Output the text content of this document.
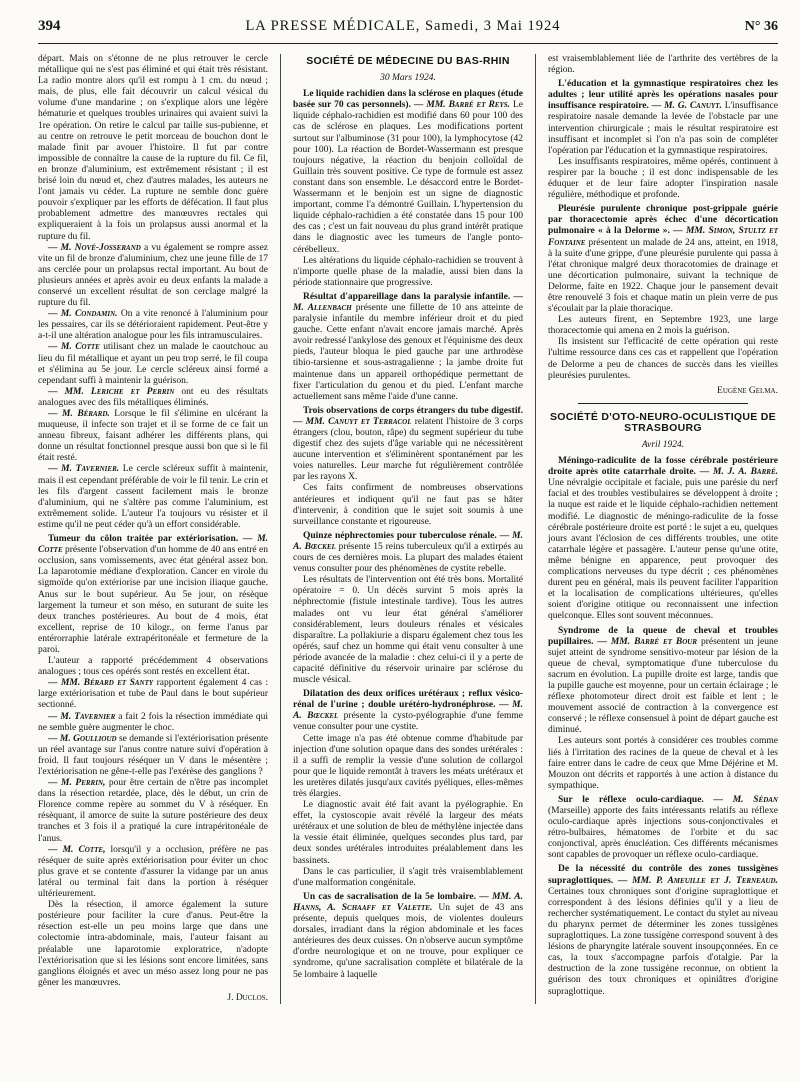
394	LA PRESSE MÉDICALE, Samedi, 3 Mai 1924	N° 36

départ. Mais on s'étonne de ne plus retrouver le cercle métallique qui ne s'est pas éliminé et qui était très résistant. La radio montre alors qu'il est rompu à 1 cm. du nœud ; mais, de plus, elle fait découvrir un calcul vésical du volume d'une mandarine ; on s'explique alors une légère hématurie et quelques troubles urinaires qui avaient suivi la 1re opération. On retire le calcul par taille sus-pubienne, et au centre on retrouve le petit morceau de bouchon dont le malade finit par avouer l'histoire. Il fut par contre impossible de connaître la cause de la rupture du fil. Ce fil, en bronze d'aluminium, est extrêmement résistant ; il est brisé loin du nœud et, chez d'autres malades, les auteurs ne l'ont jamais vu céder. La rupture ne semble donc guère pouvoir s'expliquer par les efforts de défécation. Il faut plus probablement admettre des manœuvres rectales qui expliqueraient à la fois un prolapsus aussi anormal et la rupture du fil.

— M. Nové-Josserand a vu également se rompre assez vite un fil de bronze d'aluminium, chez une jeune fille de 17 ans cerclée pour un prolapsus rectal important. Au bout de plusieurs années et après avoir eu deux enfants la malade a conservé un excellent résultat de son cerclage malgré la rupture du fil.

— M. Condamin. On a vite renoncé à l'aluminium pour les pessaires, car ils se détérioraient rapidement. Peut-être y a-t-il une altération analogue pour les fils intramusculaires.

— M. Cotte utilisant chez un malade le caoutchouc au lieu du fil métallique et ayant un peu trop serré, le fil coupa et s'élimina au 5e jour. Le cercle scléreux ainsi formé a cependant suffi à maintenir la guérison.

— MM. Leriche et Perrin ont eu des résultats analogues avec des fils métalliques éliminés.

— M. Bérard. Lorsque le fil s'élimine en ulcérant la muqueuse, il infecte son trajet et il se forme de ce fait un anneau fibreux, faisant adhérer les différents plans, qui donne un résultat fonctionnel presque aussi bon que si le fil était resté.

— M. Tavernier. Le cercle scléreux suffit à maintenir, mais il est cependant préférable de voir le fil tenir. Le crin et les fils d'argent cassent facilement mais le bronze d'aluminium, qui ne s'altère pas comme l'aluminium, est extrêmement solide. L'auteur l'a toujours vu résister et il estime qu'il ne peut céder qu'à un effort considérable.

Tumeur du côlon traitée par extériorisation. — M. Cotte présente l'observation d'un homme de 40 ans entré en occlusion, sans vomissements, avec état général assez bon. La laparotomie médiane d'exploration. Cancer en virole du sigmoïde qu'on extériorise par une incision iliaque gauche. Anus sur le bout supérieur. Au 5e jour, on résèque largement la tumeur et son méso, en suturant de suite les deux tranches postérieures. Au bout de 4 mois, état excellent, reprise de 10 kilogr., on ferme l'anus par entérorraphie latérale extrapéritonéale et fermeture de la paroi.

L'auteur a rapporté précédemment 4 observations analogues ; tous ces opérés sont restés en excellent état.

— MM. Bérard et Santy rapportent également 4 cas : large extériorisation et tube de Paul dans le bout supérieur sectionné.

— M. Tavernier a fait 2 fois la résection immédiate qui ne semble guère augmenter le choc.

— M. Goullioud se demande si l'extériorisation présente un réel avantage sur l'anus contre nature suivi d'opération à froid. Il faut toujours réséquer un V dans le mésentère ; l'extériorisation ne gêne-t-elle pas l'exérèse des ganglions ?

— M. Perrin, pour être certain de n'être pas incomplet dans la résection retardée, place, dès le début, un crin de Florence comme repère au sommet du V à réséquer. En résèquant, il amorce de suite la suture postérieure des deux tranches et 3 fois il a pratiqué la cure intrapéritonéale de l'anus.

— M. Cotte, lorsqu'il y a occlusion, préfère ne pas réséquer de suite après extériorisation pour éviter un choc plus grave et se contente d'assurer la vidange par un anus latéral ou terminal fait dans la portion à réséquer ultérieurement.

Dès la résection, il amorce également la suture postérieure pour faciliter la cure d'anus. Peut-être la résection est-elle un peu moins large que dans une colectomie intra-abdominale, mais, l'auteur faisant au préalable une laparotomie exploratrice, n'adopte l'extériorisation que si les lésions sont encore limitées, sans ganglions éloignés et avec un méso assez long pour ne pas gêner les manœuvres.

J. Duclos.
SOCIÉTÉ DE MÉDECINE DU BAS-RHIN
30 Mars 1924.

Le liquide rachidien dans la sclérose en plaques (étude basée sur 70 cas personnels). — MM. Barré et Reys. Le liquide céphalo-rachidien est modifié dans 60 pour 100 des cas de sclérose en plaques. Les modifications portent surtout sur l'albuminose (31 pour 100), la lymphocytose (42 pour 100). La réaction de Bordet-Wassermann est presque toujours négative, la réaction du benjoin colloïdal de Guillain très souvent positive. Ce type de formule est assez constant dans son ensemble. Le désaccord entre le Bordet-Wassermann et le benjoin est un signe de diagnostic important, comme l'a démontré Guillain. L'hypertension du liquide céphalo-rachidien a été constatée dans 15 pour 100 des cas ; c'est un fait nouveau du plus grand intérêt pratique dans le diagnostic avec les tumeurs de l'angle ponto-cérébelleux.

Les altérations du liquide céphalo-rachidien se trouvent à n'importe quelle phase de la maladie, aussi bien dans la période stationnaire que progressive.

Résultat d'appareillage dans la paralysie infantile. — M. Allenbach présente une fillette de 10 ans atteinte de paralysie infantile du membre inférieur droit et du pied gauche. Cette enfant n'avait encore jamais marché. Après avoir redressé l'ankylose des genoux et l'équinisme des deux pieds, l'auteur bloqua le pied gauche par une arthrodèse tibio-tarsienne et sous-astragalienne ; la jambe droite fut maintenue dans un appareil orthopédique permettant de fixer l'articulation du genou et du pied. L'enfant marche actuellement sans même l'aide d'une canne.

Trois observations de corps étrangers du tube digestif. — MM. Canuyt et Terracol relatent l'histoire de 3 corps étrangers (clou, bouton, râpe) du segment supérieur du tube digestif chez des sujets d'âge variable qui ne nécessitèrent aucune intervention et s'éliminèrent spontanément par les voies naturelles. Leur marche fut régulièrement contrôlée par les rayons X.

Ces faits confirment de nombreuses observations antérieures et indiquent qu'il ne faut pas se hâter d'intervenir, à condition que le sujet soit soumis à une surveillance constante et rigoureuse.

Quinze néphrectomies pour tuberculose rénale. — M. A. Bœckel présente 15 reins tuberculeux qu'il a extirpés au cours de ces dernières mois. La plupart des malades étaient venus consulter pour des phénomènes de cystite rebelle.

Les résultats de l'intervention ont été très bons. Mortalité opératoire = 0. Un décès survint 5 mois après la néphrectomie (fistule intestinale tardive). Tous les autres malades ont vu leur état général s'améliorer considérablement, leurs douleurs rénales et vésicales disparaître. La pollakiurie a disparu également chez tous les opérés, sauf chez un homme qui était venu consulter à une période avancée de la maladie : chez celui-ci il y a perte de capacité définitive du réservoir urinaire par sclérose du muscle vésical.

Dilatation des deux orifices urétéraux ; reflux vésico-rénal de l'urine ; double urétéro-hydronéphrose. — M. A. Bœckel présente la cysto-pyélographie d'une femme venue consulter pour une cystite.

Cette image n'a pas été obtenue comme d'habitude par injection d'une solution opaque dans des sondes urétérales : il a suffi de remplir la vessie d'une solution de collargol pour que le liquide remontât à travers les méats urétéraux et les uretères dilatés jusqu'aux cavités pyéliques, elles-mêmes très élargies.

Le diagnostic avait été fait avant la pyélographie. En effet, la cystoscopie avait révélé la largeur des méats urétéraux et une solution de bleu de méthylène injectée dans la vessie était éliminée, quelques secondes plus tard, par deux sondes urétérales introduites préalablement dans les bassinets.

Dans le cas particulier, il s'agit très vraisemblablement d'une malformation congénitale.

Un cas de sacralisation de la 5e lombaire. — MM. A. Hanns, A. Schaaff et Valette. Un sujet de 43 ans présente, depuis quelques mois, de violentes douleurs dorsales, irradiant dans la région abdominale et les faces antérieures des deux cuisses. On n'observe aucun symptôme d'ordre neurologique et on ne trouve, pour expliquer ce syndrome, qu'une sacralisation complète et bilatérale de la 5e lombaire à laquelle

est vraisemblablement liée de l'arthrite des vertèbres de la région.

L'éducation et la gymnastique respiratoires chez les adultes ; leur utilité après les opérations nasales pour insuffisance respiratoire. — M. G. Canuyt. L'insuffisance respiratoire nasale demande la levée de l'obstacle par une intervention chirurgicale ; mais le résultat respiratoire est insuffisant et incomplet si l'on n'a pas soin de compléter l'opération par l'éducation et la gymnastique respiratoires.

Les insuffisants respiratoires, même opérés, continuent à respirer par la bouche ; il est donc indispensable de les éduquer et de leur faire adopter l'inspiration nasale régulière, méthodique et profonde.

Pleurésie purulente chronique post-grippale guérie par thoracectomie après échec d'une décortication pulmonaire « à la Delorme ». — MM. Simon, Stultz et Fontaine présentent un malade de 24 ans, atteint, en 1918, à la suite d'une grippe, d'une pleurésie purulente qui passa à l'état chronique malgré deux thoracotomies de drainage et une décortication pulmonaire, suivant la technique de Delorme, faite en 1922. Chaque jour le pansement devait être renouvelé 3 fois et chaque matin un plein verre de pus s'écoulait par la plaie thoracique.

Les auteurs firent, en Septembre 1923, une large thoracectomie qui amena en 2 mois la guérison.

Ils insistent sur l'efficacité de cette opération qui reste l'ultime ressource dans ces cas et rappellent que l'opération de Delorme a peu de chances de succès dans les vieilles pleurésies purulentes.

Eugène Gelma.
SOCIÉTÉ D'OTO-NEURO-OCULISTIQUE DE STRASBOURG
Avril 1924.

Méningo-radiculite de la fosse cérébrale postérieure droite après otite catarrhale droite. — M. J. A. Barré. Une névralgie occipitale et faciale, puis une parésie du nerf facial et des troubles vestibulaires se développent à droite ; la nuque est raide et le liquide céphalo-rachidien nettement modifié. Le diagnostic de méningo-radiculite de la fosse cérébrale postérieure droite est porté : le sujet a eu, quelques jours avant l'éclosion de ces différents troubles, une otite catarrhale légère et passagère. L'auteur pense qu'une otite, même bénigne en apparence, peut provoquer des complications nerveuses du type décrit ; ces phénomènes durent peu en général, mais ils peuvent faciliter l'apparition et la localisation de complications ultérieures, qu'elles soient d'origine otitique ou reconnaissent une infection quelconque. Elles sont souvent méconnues.

Syndrome de la queue de cheval et troubles pupillaires. — MM. Barré et Bour présentent un jeune sujet atteint de syndrome sensitivo-moteur par lésion de la queue de cheval, symptomatique d'une tuberculose du sacrum en évolution. La pupille droite est large, tandis que la pupille gauche est moyenne, pour un certain éclairage ; le réflexe photomoteur direct droit est faible et lent ; le mouvement associé de contraction à la convergence est conservé ; le réflexe consensuel à point de départ gauche est diminué.

Les auteurs sont portés à considérer ces troubles comme liés à l'irritation des racines de la queue de cheval et à les faire entrer dans le cadre de ceux que Mme Déjérine et M. Mouzon ont décrits et rapportés à une action à distance du sympathique.

Sur le réflexe oculo-cardiaque. — M. Sédan (Marseille) apporte des faits intéressants relatifs au réflexe oculo-cardiaque après injections sous-conjonctivales et rétro-bulbaires, hématomes de l'orbite et du sac conjonctival, après énucléation. Ces différents mécanismes sont capables de provoquer un réflexe oculo-cardiaque.

De la nécessité du contrôle des zones tussigènes supraglottiques. — MM. P. Ameuille et J. Terneaud. Certaines toux chroniques sont d'origine supraglottique et correspondent à des lésions définies qu'il y a lieu de rechercher systématiquement. Le contact du stylet au niveau du pharynx permet de déterminer les zones tussigènes supraglottiques. La zone tussigène correspond souvent à des lésions de pharyngite latérale souvent insoupçonnées. En ce cas, la toux s'accompagne parfois d'otalgie. Par la destruction de la zone tussigène reconnue, on obtient la guérison des toux chroniques et opiniâtres d'origine supraglottique.
